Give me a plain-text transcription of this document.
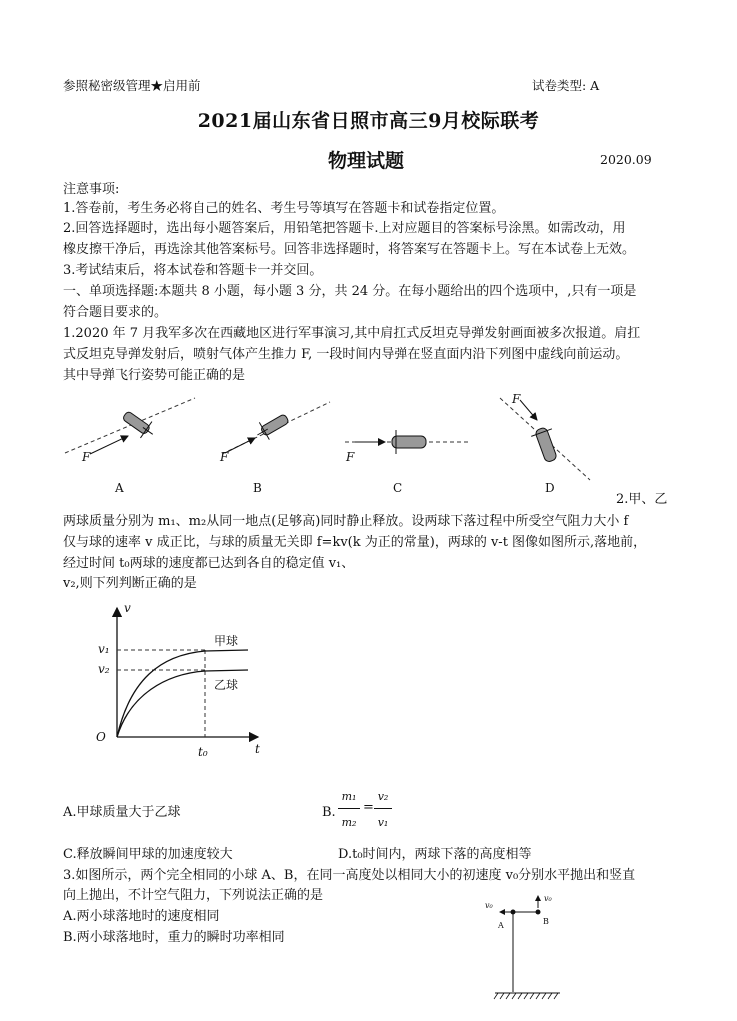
参照秘密级管理★启用前	试卷类型: A
2021届山东省日照市高三9月校际联考
物理试题	2020.09
注意事项:
1.答卷前，考生务必将自己的姓名、考生号等填写在答题卡和试卷指定位置。
2.回答选择题时，选出每小题答案后，用铅笔把答题卡.上对应题目的答案标号涂黑。如需改动，用
橡皮擦干净后，再选涂其他答案标号。回答非选择题时，将答案写在答题卡上。写在本试卷上无效。
3.考试结束后，将本试卷和答题卡一并交回。
一、单项选择题:本题共 8 小题，每小题 3 分，共 24 分。在每小题给出的四个选项中，,只有一项是
符合题目要求的。
1.2020 年 7 月我军多次在西藏地区进行军事演习,其中肩扛式反坦克导弹发射画面被多次报道。肩扛
式反坦克导弹发射后，喷射气体产生推力 F, 一段时间内导弹在竖直面内沿下列图中虚线向前运动。
其中导弹飞行姿势可能正确的是
F	F	F
F
A	B	C	D
2.甲、乙
两球质量分别为 m₁、m₂从同一地点(足够高)同时静止释放。设两球下落过程中所受空气阻力大小 f
仅与球的速率 v 成正比，与球的质量无关即 f=kv(k 为正的常量)，两球的 v-t 图像如图所示,落地前，
经过时间 t₀两球的速度都已达到各自的稳定值 v₁、
v₂,则下列判断正确的是
v
v₁
v₂
甲球
乙球
O
t₀	t
A.甲球质量大于乙球	B.
m₁
m₂
=
v₂
v₁
C.释放瞬间甲球的加速度较大	D.t₀时间内，两球下落的高度相等
3.如图所示，两个完全相同的小球 A、B，在同一高度处以相同大小的初速度 v₀分别水平抛出和竖直
向上抛出，不计空气阻力，下列说法正确的是
A.两小球落地时的速度相同
B.两小球落地时，重力的瞬时功率相同
v₀
v₀
A	B
